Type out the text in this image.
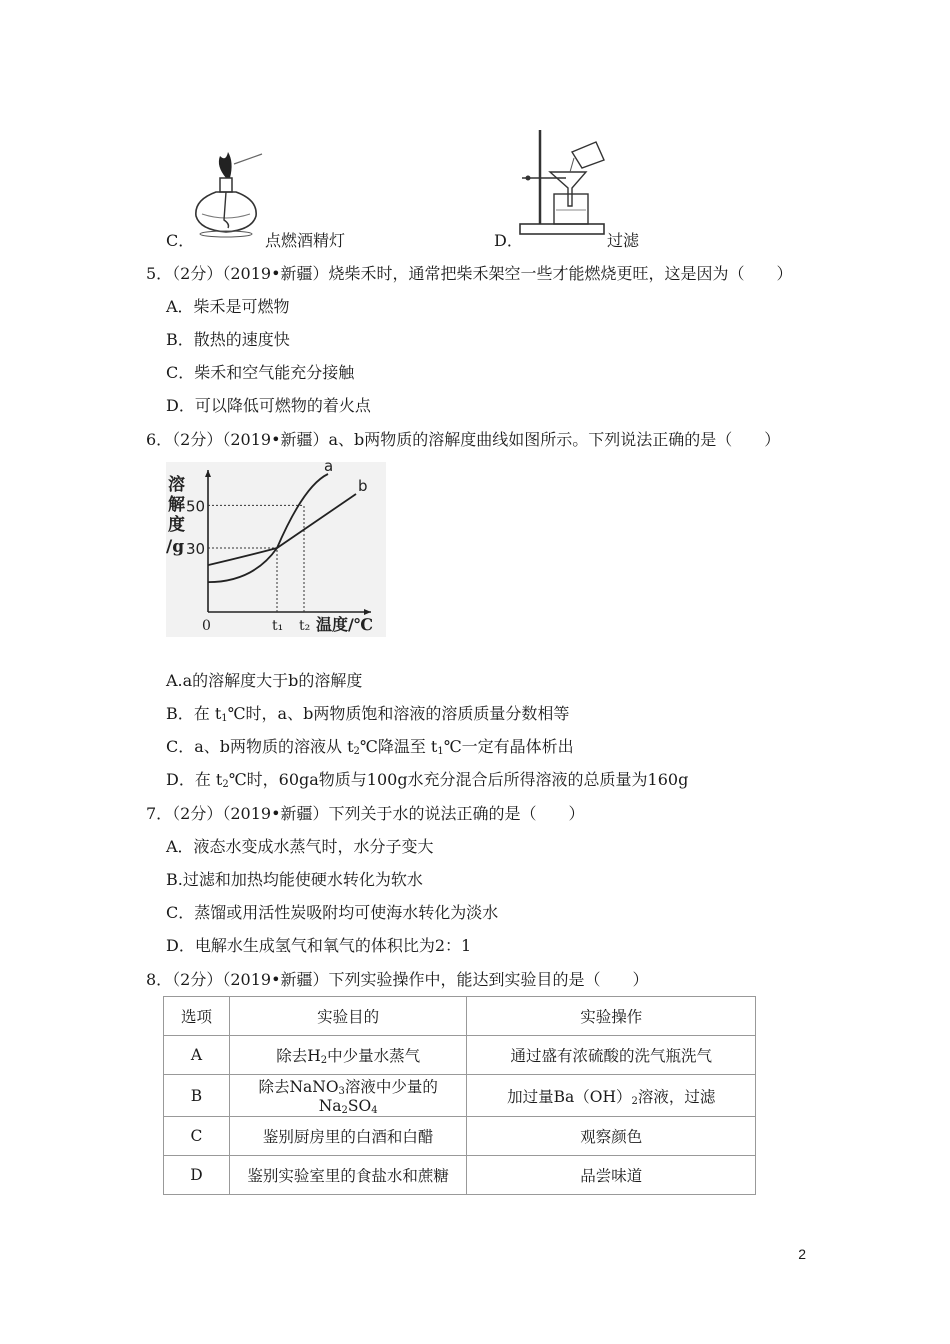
C．	点燃酒精灯	D．	过滤
5．（2分）（2019•新疆）烧柴禾时，通常把柴禾架空一些才能燃烧更旺，这是因为（　　）
A．柴禾是可燃物
B．散热的速度快
C．柴禾和空气能充分接触
D．可以降低可燃物的着火点
6．（2分）（2019•新疆）a、b两物质的溶解度曲线如图所示。下列说法正确的是（　　）
溶
解
度
/g 30
50
0	t₁ t₂ 温度/℃
a
b
A.a的溶解度大于b的溶解度
B．在 $t_1℃$时，a、b两物质饱和溶液的溶质质量分数相等
C．a、b两物质的溶液从 $t_2℃$降温至 $t_1℃$一定有晶体析出
D．在 $t_2℃$时，60ga物质与100g水充分混合后所得溶液的总质量为160g
7．（2分）（2019•新疆）下列关于水的说法正确的是（　　）
A．液态水变成水蒸气时，水分子变大
B.过滤和加热均能使硬水转化为软水
C．蒸馏或用活性炭吸附均可使海水转化为淡水
D．电解水生成氢气和氧气的体积比为2：1
8．（2分）（2019•新疆）下列实验操作中，能达到实验目的是（　　）
选项	实验目的	实验操作
A	除去$H_2$中少量水蒸气	通过盛有浓硫酸的洗气瓶洗气
B	除去NaNO$_3$溶液中少量的$Na_2SO_4$	加过量$Ba(OH)_2$溶液，过滤
C	鉴别厨房里的白酒和白醋	观察颜色
D	鉴别实验室里的食盐水和蔗糖	品尝味道
2
